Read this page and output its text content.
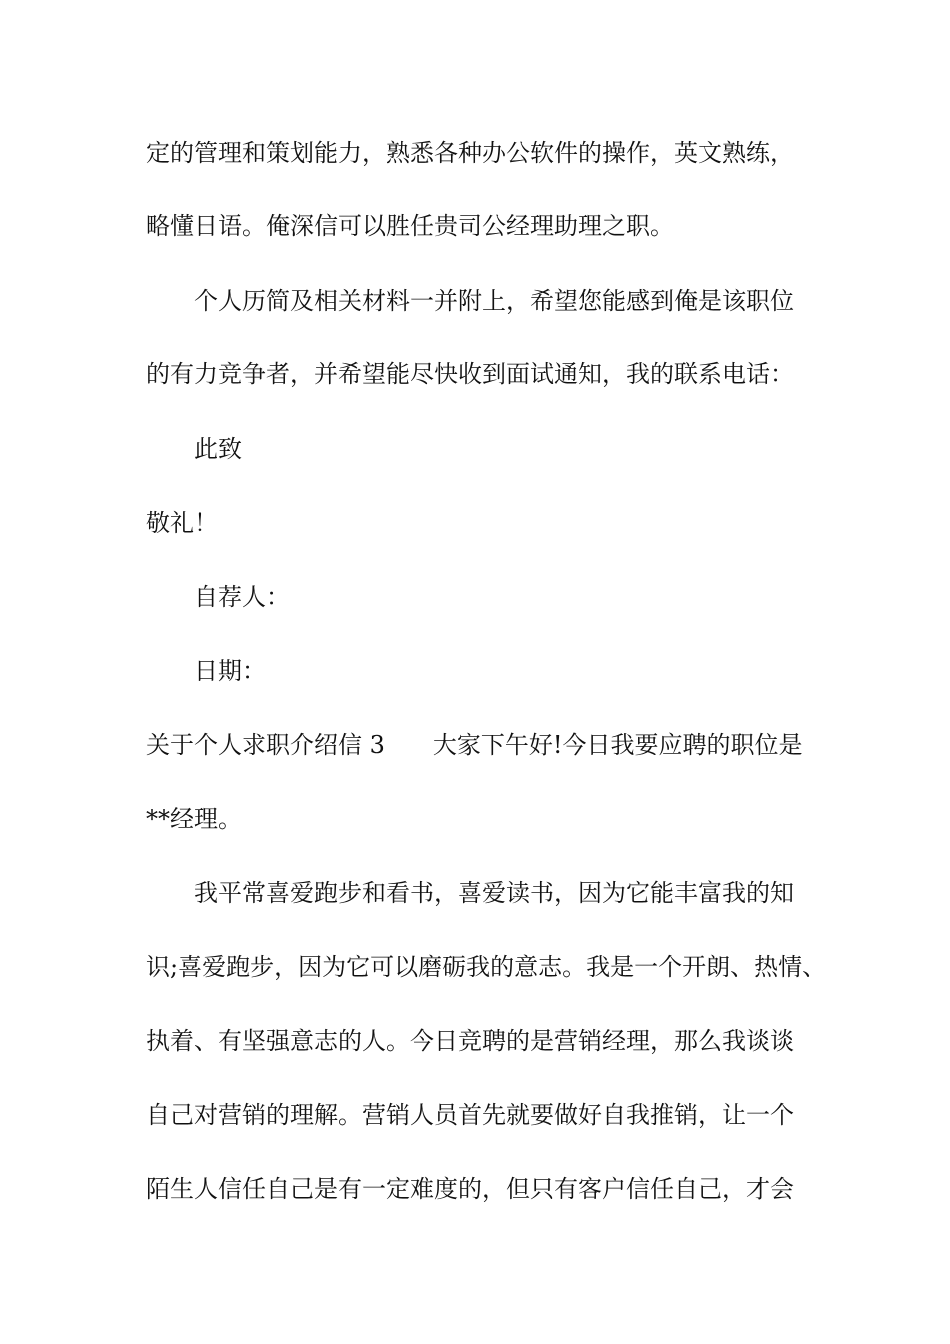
定的管理和策划能力，熟悉各种办公软件的操作，英文熟练，
略懂日语。俺深信可以胜任贵司公经理助理之职。
个人历简及相关材料一并附上，希望您能感到俺是该职位
的有力竞争者，并希望能尽快收到面试通知，我的联系电话：
此致
敬礼！
自荐人：
日期：
关于个人求职介绍信 3 大家下午好!今日我要应聘的职位是
**经理。
我平常喜爱跑步和看书，喜爱读书，因为它能丰富我的知
识;喜爱跑步，因为它可以磨砺我的意志。我是一个开朗、热情、
执着、有坚强意志的人。今日竞聘的是营销经理，那么我谈谈
自己对营销的理解。营销人员首先就要做好自我推销，让一个
陌生人信任自己是有一定难度的，但只有客户信任自己，才会
